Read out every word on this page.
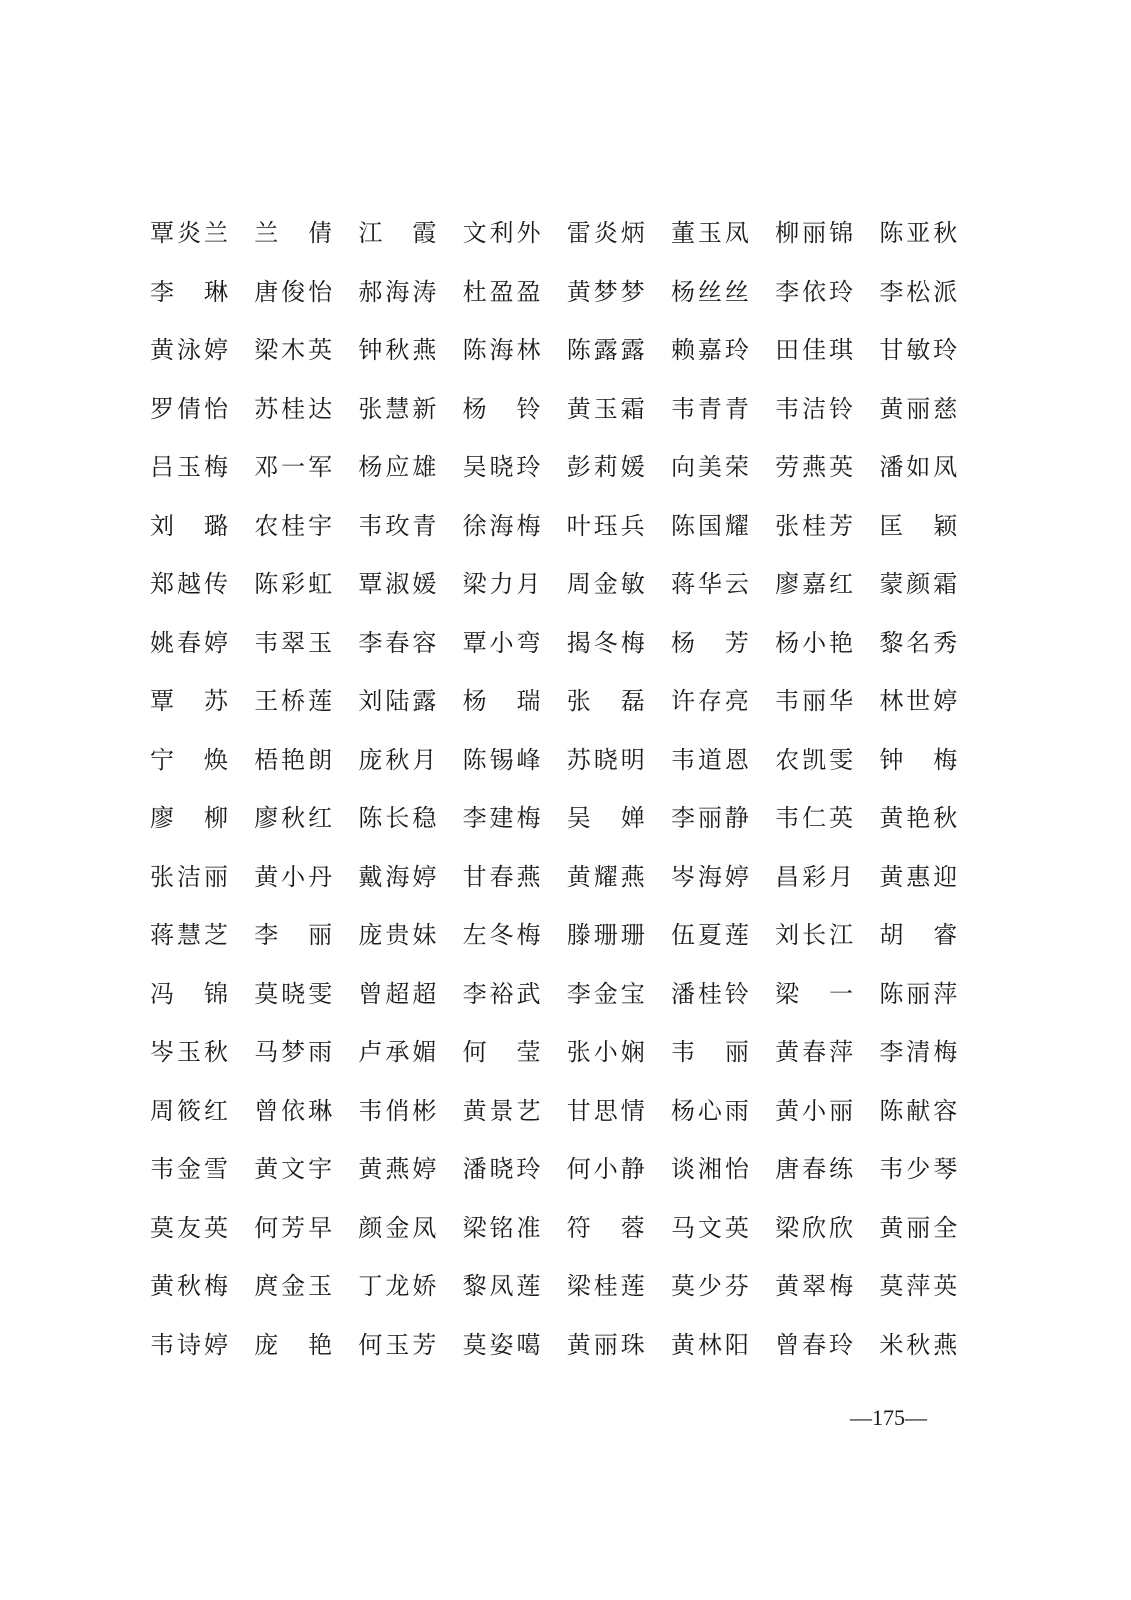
覃炎兰	兰 倩	江 霞	文利外	雷炎炳	董玉凤	柳丽锦	陈亚秋
李 琳	唐俊怡	郝海涛	杜盈盈	黄梦梦	杨丝丝	李依玲	李松派
黄泳婷	梁木英	钟秋燕	陈海林	陈露露	赖嘉玲	田佳琪	甘敏玲
罗倩怡	苏桂达	张慧新	杨 铃	黄玉霜	韦青青	韦洁铃	黄丽慈
吕玉梅	邓一军	杨应雄	吴晓玲	彭莉媛	向美荣	劳燕英	潘如凤
刘 璐	农桂宇	韦玫青	徐海梅	叶珏兵	陈国耀	张桂芳	匡 颖
郑越传	陈彩虹	覃淑媛	梁力月	周金敏	蒋华云	廖嘉红	蒙颜霜
姚春婷	韦翠玉	李春容	覃小弯	揭冬梅	杨 芳	杨小艳	黎名秀
覃 苏	王桥莲	刘陆露	杨 瑞	张 磊	许存亮	韦丽华	林世婷
宁 焕	梧艳朗	庞秋月	陈锡峰	苏晓明	韦道恩	农凯雯	钟 梅
廖 柳	廖秋红	陈长稳	李建梅	吴 婵	李丽静	韦仁英	黄艳秋
张洁丽	黄小丹	戴海婷	甘春燕	黄耀燕	岑海婷	昌彩月	黄惠迎
蒋慧芝	李 丽	庞贵妹	左冬梅	滕珊珊	伍夏莲	刘长江	胡 睿
冯 锦	莫晓雯	曾超超	李裕武	李金宝	潘桂铃	梁 一	陈丽萍
岑玉秋	马梦雨	卢承媚	何 莹	张小娴	韦 丽	黄春萍	李清梅
周筱红	曾依琳	韦俏彬	黄景艺	甘思情	杨心雨	黄小丽	陈献容
韦金雪	黄文宇	黄燕婷	潘晓玲	何小静	谈湘怡	唐春练	韦少琴
莫友英	何芳早	颜金凤	梁铭准	符 蓉	马文英	梁欣欣	黄丽全
黄秋梅	庹金玉	丁龙娇	黎凤莲	梁桂莲	莫少芬	黄翠梅	莫萍英
韦诗婷	庞 艳	何玉芳	莫姿噶	黄丽珠	黄林阳	曾春玲	米秋燕
—175—
